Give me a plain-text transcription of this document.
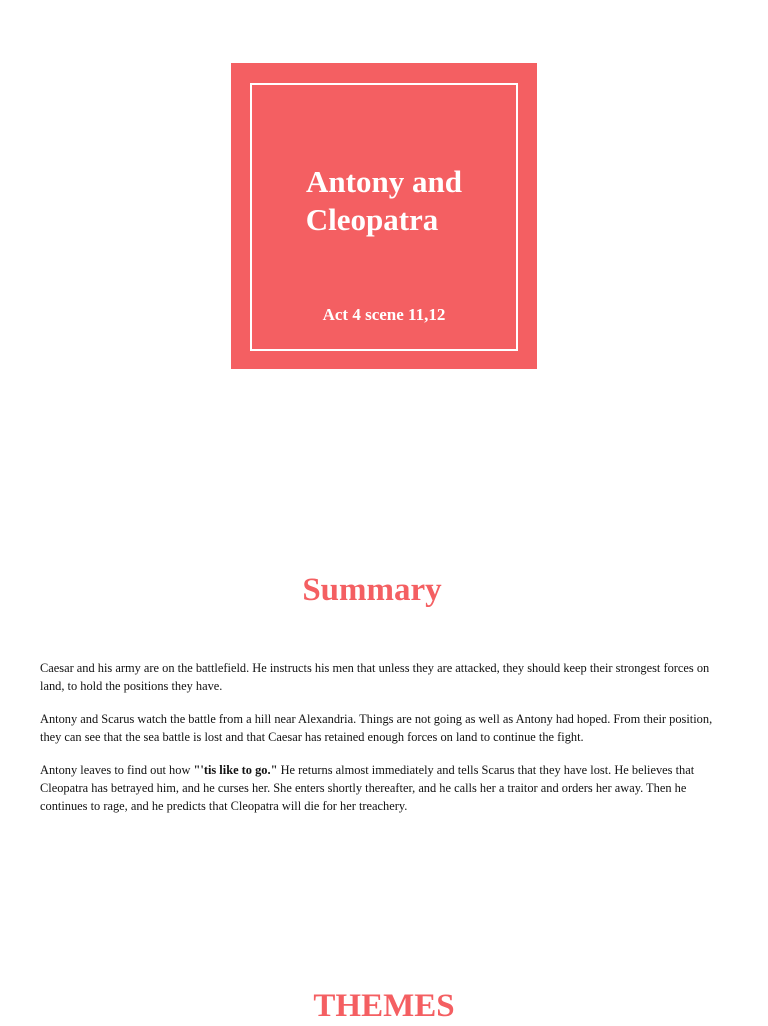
Antony and
Cleopatra

Act 4 scene 11,12

Summary

Caesar and his army are on the battlefield. He instructs his men that unless they are attacked, they should keep their strongest forces on land, to hold the positions they have.

Antony and Scarus watch the battle from a hill near Alexandria. Things are not going as well as Antony had hoped. From their position, they can see that the sea battle is lost and that Caesar has retained enough forces on land to continue the fight.

Antony leaves to find out how "'tis like to go." He returns almost immediately and tells Scarus that they have lost. He believes that Cleopatra has betrayed him, and he curses her. She enters shortly thereafter, and he calls her a traitor and orders her away. Then he continues to rage, and he predicts that Cleopatra will die for her treachery.

THEMES
